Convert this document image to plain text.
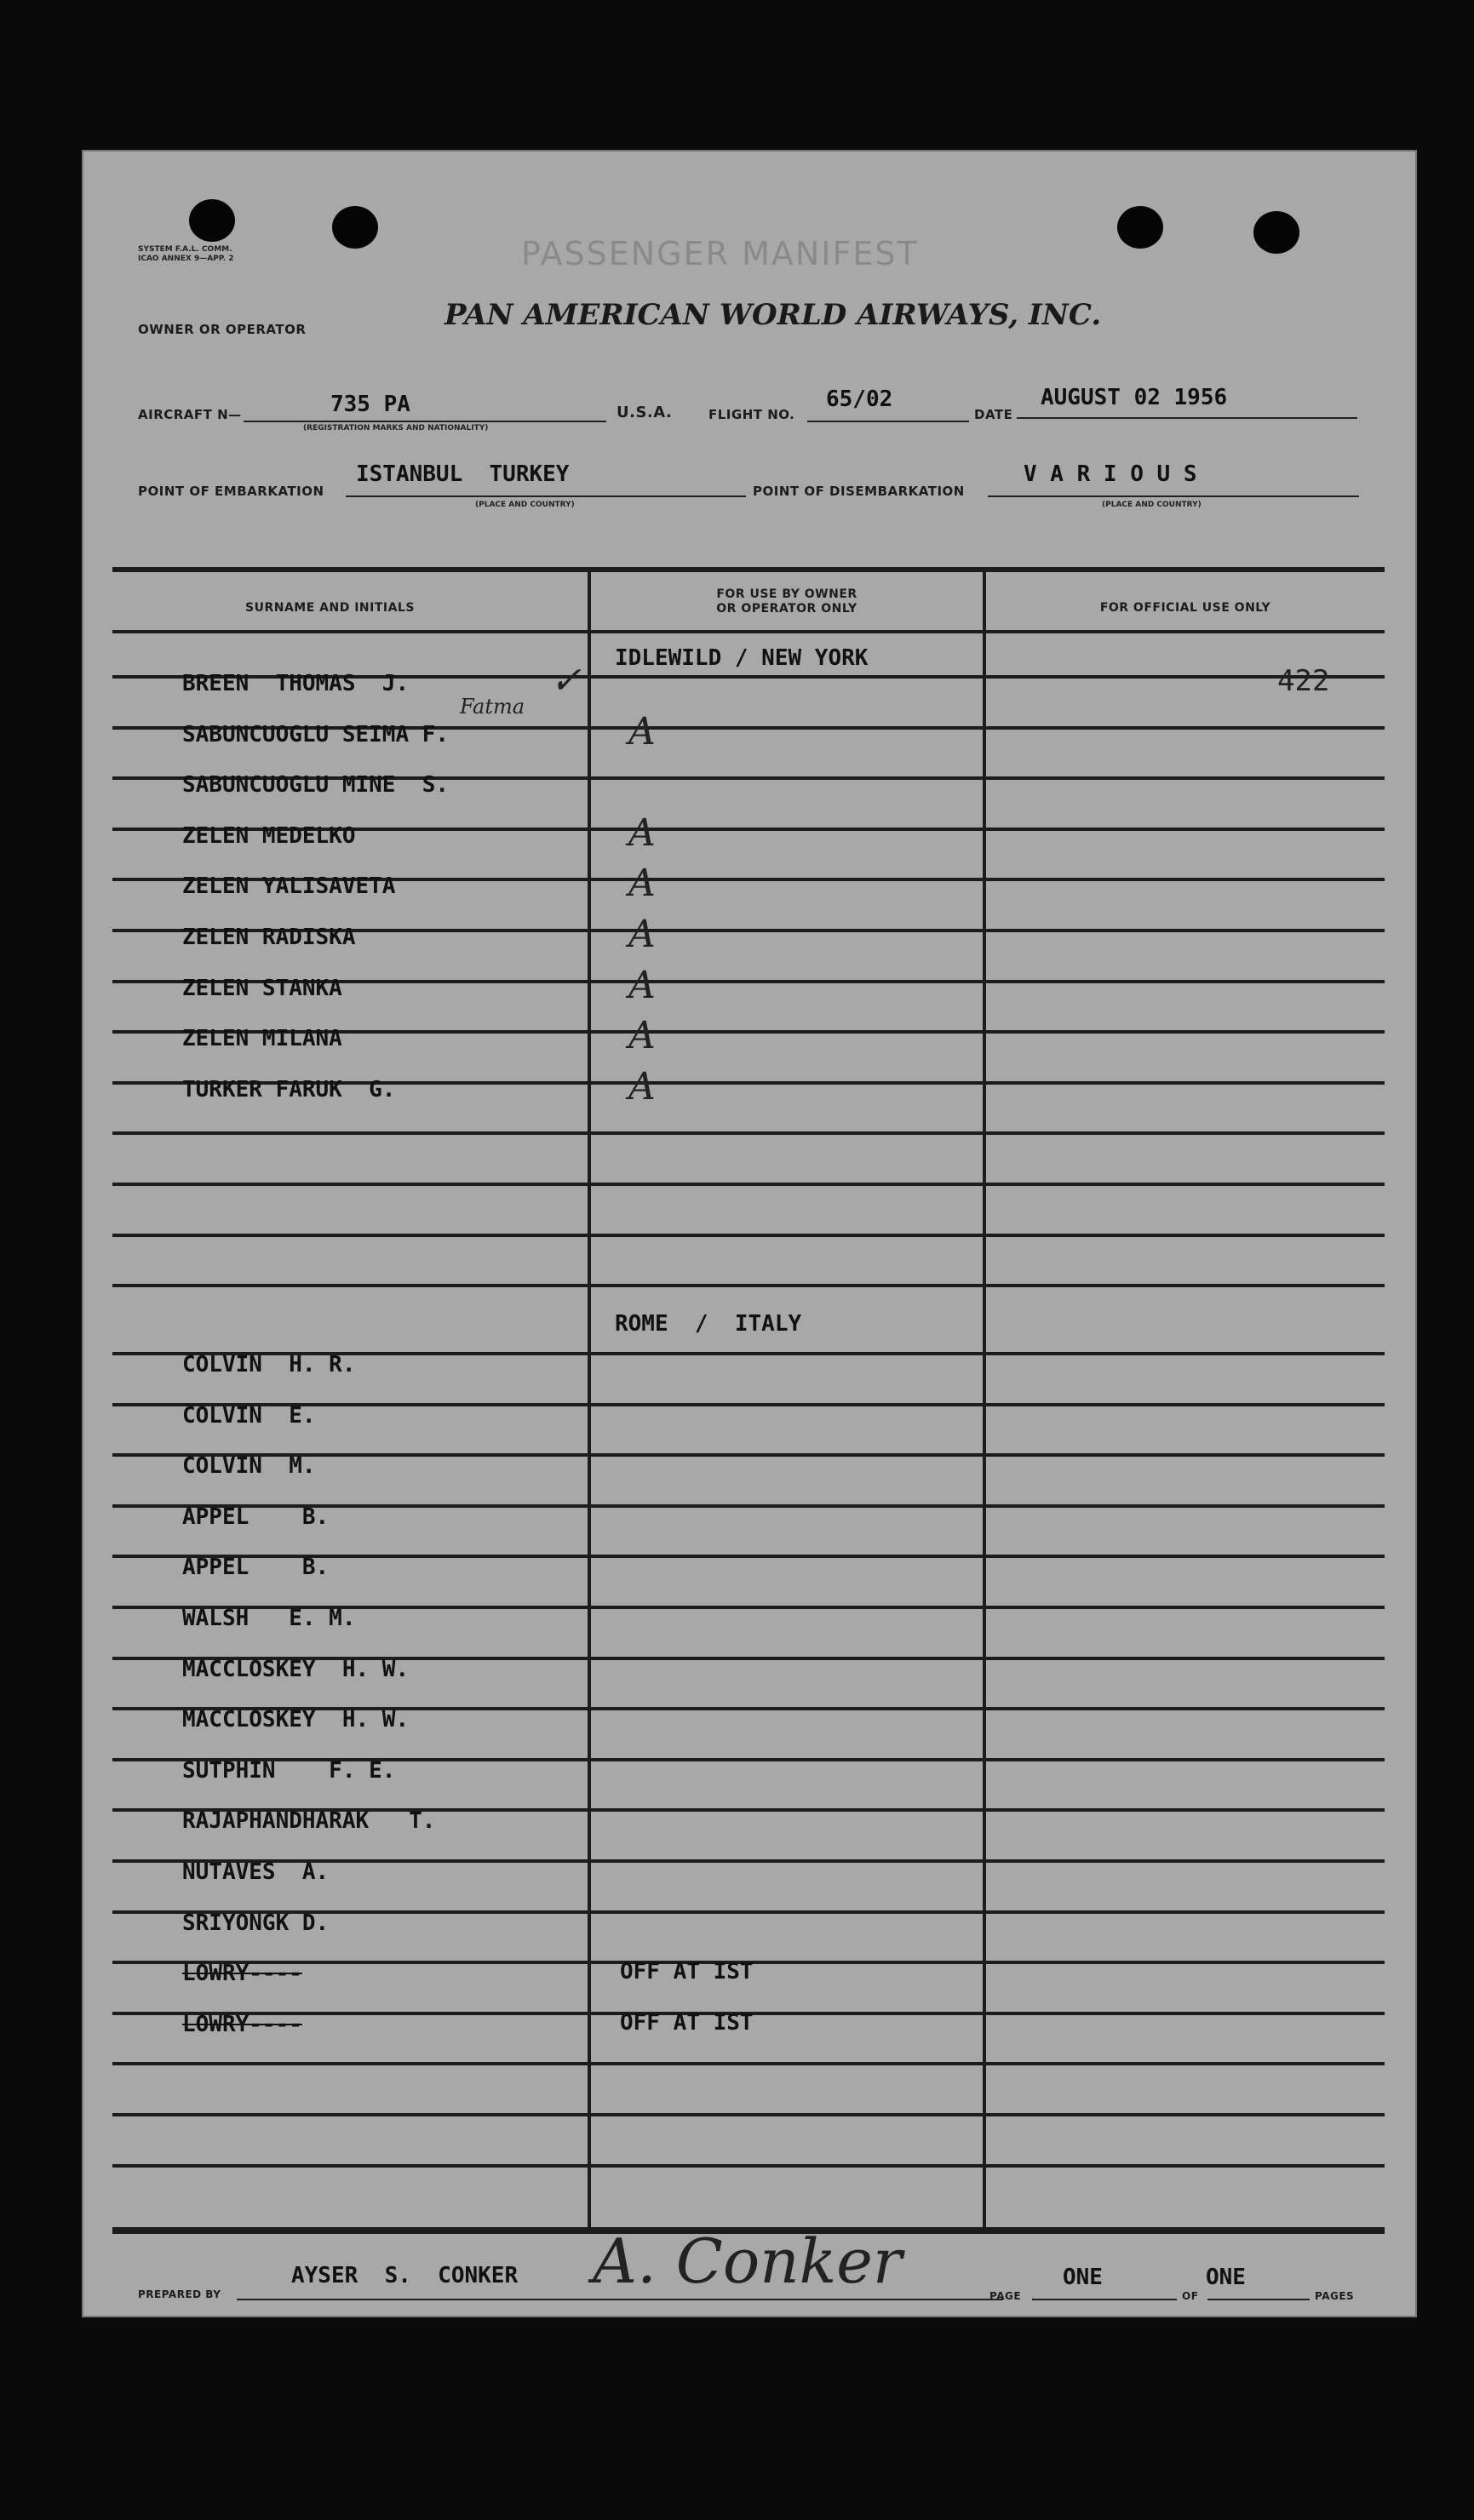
SYSTEM F.A.L. COMM.
ICAO ANNEX 9—APP. 2	PASSENGER MANIFEST
OWNER OR OPERATOR	PAN AMERICAN WORLD AIRWAYS, INC.
AIRCRAFT N—	735 PA
(REGISTRATION MARKS AND NATIONALITY)
U.S.A.	FLIGHT NO.
65/02
DATE
AUGUST 02 1956
POINT OF EMBARKATION
ISTANBUL  TURKEY
(PLACE AND COUNTRY)
POINT OF DISEMBARKATION
V A R I O U S
(PLACE AND COUNTRY)
SURNAME AND INITIALS
FOR USE BY OWNER
OR OPERATOR ONLY	FOR OFFICIAL USE ONLY
IDLEWILD / NEW YORK
ROME  /  ITALY
PREPARED BY
AYSER  S.  CONKER A. Conker	PAGE
ONE
OF
ONE
PAGES
BREEN  THOMAS  J.	✓	422
SABUNCUOGLU SEIMA F.	A
Fatma
SABUNCUOGLU MINE  S.
ZELEN MEDELKO	A
ZELEN YALISAVETA	A
ZELEN RADISKA	A
ZELEN STANKA	A
ZELEN MILANA	A
TURKER FARUK  G.	A
COLVIN  H. R.
COLVIN  E.
COLVIN  M.
APPEL    B.
APPEL    B.
WALSH   E. M.
MACCLOSKEY  H. W.
MACCLOSKEY  H. W.
SUTPHIN    F. E.
RAJAPHANDHARAK   T.
NUTAVES  A.
SRIYONGK D.
LOWRY----	OFF AT IST
LOWRY----	OFF AT IST
